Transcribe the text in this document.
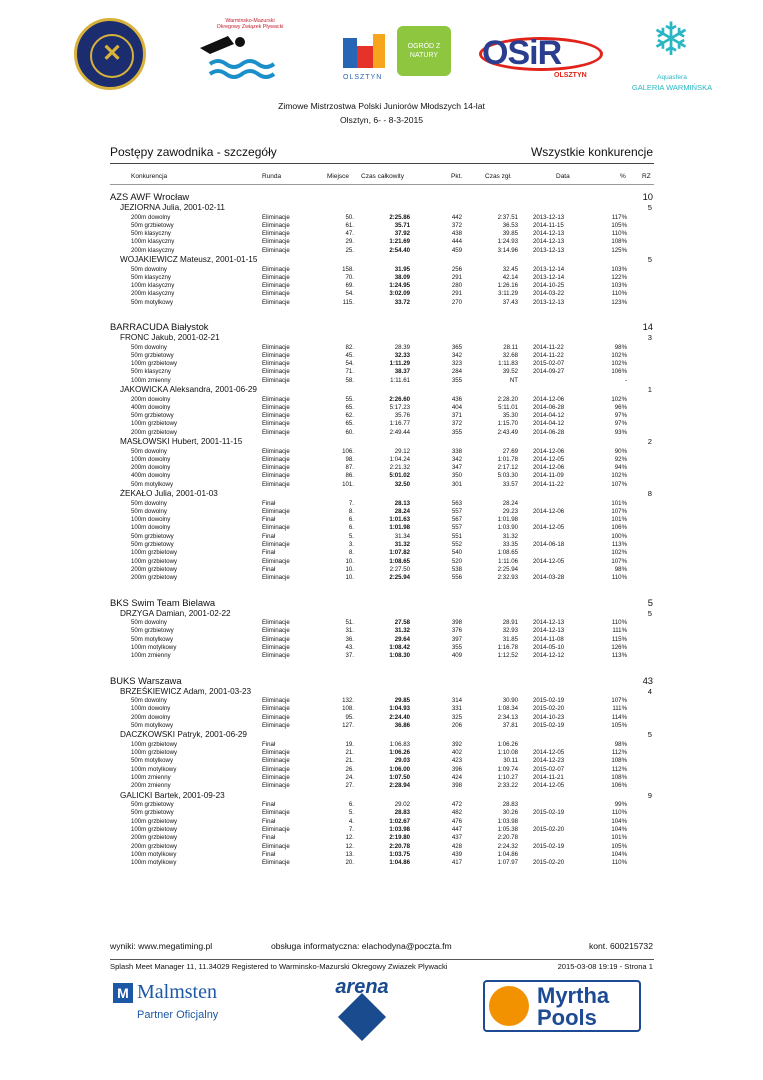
✕
Warminsko-Mazurski Okregowy Związek Pływacki
OLSZTYN
OGRÓD Z NATURY	OSiR
OLSZTYN
❄
Aquasfera
GALERIA WARMIŃSKA
Zimowe Mistrzostwa Polski Juniorów Młodszych 14-lat
Olsztyn, 6- - 8-3-2015
Postępy zawodnika - szczegóły	Wszystkie konkurencje
Konkurencja	Runda	Miejsce Czas całkowity	Pkt.	Czas zgł.	Data	% RZ
AZS AWF Wrocław	10
JEZIORNA Julia, 2001-02-11	5
200m dowolny	Eliminacje	50.	2:25.86	442	2:37.51 2013-12-13	117%
50m grzbietowy	Eliminacje	61.	35.71	372	36.53 2014-11-15	105%
50m klasyczny	Eliminacje	47.	37.92	438	39.85 2014-12-13	110%
100m klasyczny	Eliminacje	29.	1:21.69	444	1:24.93 2014-12-13	108%
200m klasyczny	Eliminacje	25.	2:54.40	459	3:14.96 2013-12-13	125%
WOJAKIEWICZ Mateusz, 2001-01-15	5
50m dowolny	Eliminacje	158.	31.95	256	32.45 2013-12-14	103%
50m klasyczny	Eliminacje	70.	38.09	291	42.14 2013-12-14	122%
100m klasyczny	Eliminacje	69.	1:24.95	280	1:26.16 2014-10-25	103%
200m klasyczny	Eliminacje	54.	3:02.09	291	3:11.29 2014-03-22	110%
50m motylkowy	Eliminacje	115.	33.72	270	37.43 2013-12-13	123%
BARRACUDA Białystok	14
FRONC Jakub, 2001-02-21	3
50m dowolny	Eliminacje	82.	28.39	365	28.11 2014-11-22	98%
50m grzbietowy	Eliminacje	45.	32.33	342	32.68 2014-11-22	102%
100m grzbietowy	Eliminacje	54.	1:11.29	323	1:11.83 2015-02-07	102%
50m klasyczny	Eliminacje	71.	38.37	284	39.52 2014-09-27	106%
100m zmienny	Eliminacje	58.	1:11.61	355	NT	-
JAKOWICKA Aleksandra, 2001-06-29	1
200m dowolny	Eliminacje	55.	2:26.60	436	2:28.20 2014-12-06	102%
400m dowolny	Eliminacje	65.	5:17.23	404	5:11.01 2014-06-28	96%
50m grzbietowy	Eliminacje	62.	35.76	371	35.30 2014-04-12	97%
100m grzbietowy	Eliminacje	65.	1:16.77	372	1:15.70 2014-04-12	97%
200m grzbietowy	Eliminacje	60.	2:49.44	355	2:43.49 2014-06-28	93%
MASŁOWSKI Hubert, 2001-11-15	2
50m dowolny	Eliminacje	106.	29.12	338	27.69 2014-12-06	90%
100m dowolny	Eliminacje	98.	1:04.24	342	1:01.78 2014-12-05	92%
200m dowolny	Eliminacje	87.	2:21.32	347	2:17.12 2014-12-06	94%
400m dowolny	Eliminacje	86.	5:01.02	350	5:03.30 2014-11-09	102%
50m motylkowy	Eliminacje	101.	32.50	301	33.57 2014-11-22	107%
ŻEKAŁO Julia, 2001-01-03	8
50m dowolny	Finał	7.	28.13	563	28.24	101%
50m dowolny	Eliminacje	8.	28.24	557	29.23 2014-12-06	107%
100m dowolny	Finał	6.	1:01.63	567	1:01.98	101%
100m dowolny	Eliminacje	6.	1:01.98	557	1:03.90 2014-12-05	106%
50m grzbietowy	Finał	5.	31.34	551	31.32	100%
50m grzbietowy	Eliminacje	3.	31.32	552	33.35 2014-06-18	113%
100m grzbietowy	Finał	8.	1:07.82	540	1:08.65	102%
100m grzbietowy	Eliminacje	10.	1:08.65	520	1:11.06 2014-12-05	107%
200m grzbietowy	Finał	10.	2:27.50	538	2:25.94	98%
200m grzbietowy	Eliminacje	10.	2:25.94	556	2:32.93 2014-03-28	110%
BKS Swim Team Bielawa	5
DRZYGA Damian, 2001-02-22	5
50m dowolny	Eliminacje	51.	27.58	398	28.91 2014-12-13	110%
50m grzbietowy	Eliminacje	31.	31.32	376	32.93 2014-12-13	111%
50m motylkowy	Eliminacje	36.	29.64	397	31.85 2014-11-08	115%
100m motylkowy	Eliminacje	43.	1:08.42	355	1:16.78 2014-05-10	126%
100m zmienny	Eliminacje	37.	1:08.30	409	1:12.52 2014-12-12	113%
BUKS Warszawa	43
BRZEŚKIEWICZ Adam, 2001-03-23	4
50m dowolny	Eliminacje	132.	29.85	314	30.90 2015-02-19	107%
100m dowolny	Eliminacje	108.	1:04.93	331	1:08.34 2015-02-20	111%
200m dowolny	Eliminacje	95.	2:24.40	325	2:34.13 2014-10-23	114%
50m motylkowy	Eliminacje	127.	36.86	206	37.81 2015-02-19	105%
DACZKOWSKI Patryk, 2001-06-29	5
100m grzbietowy	Finał	19.	1:06.83	392	1:06.26	98%
100m grzbietowy	Eliminacje	21.	1:06.26	402	1:10.08 2014-12-05	112%
50m motylkowy	Eliminacje	21.	29.03	423	30.11 2014-12-23	108%
100m motylkowy	Eliminacje	26.	1:06.00	396	1:09.74 2015-02-07	112%
100m zmienny	Eliminacje	24.	1:07.50	424	1:10.27 2014-11-21	108%
200m zmienny	Eliminacje	27.	2:28.94	398	2:33.22 2014-12-05	106%
GALICKI Bartek, 2001-09-23	9
50m grzbietowy	Finał	6.	29.02	472	28.83	99%
50m grzbietowy	Eliminacje	5.	28.83	482	30.26 2015-02-19	110%
100m grzbietowy	Finał	4.	1:02.67	476	1:03.98	104%
100m grzbietowy	Eliminacje	7.	1:03.98	447	1:05.38 2015-02-20	104%
200m grzbietowy	Finał	12.	2:19.80	437	2:20.78	101%
200m grzbietowy	Eliminacje	12.	2:20.78	428	2:24.32 2015-02-19	105%
100m motylkowy	Finał	13.	1:03.75	439	1:04.86	104%
100m motylkowy	Eliminacje	20.	1:04.86	417	1:07.97 2015-02-20	110%
wyniki: www.megatiming.pl	obsługa informatyczna: elachodyna@poczta.fm	kont. 600215732
Splash Meet Manager 11, 11.34029 Registered to Warminsko-Mazurski Okregowy Zwiazek Plywacki	2015-03-08 19:19 - Strona 1
M Malmsten
Partner Oficjalny
arena	Myrtha
Pools
